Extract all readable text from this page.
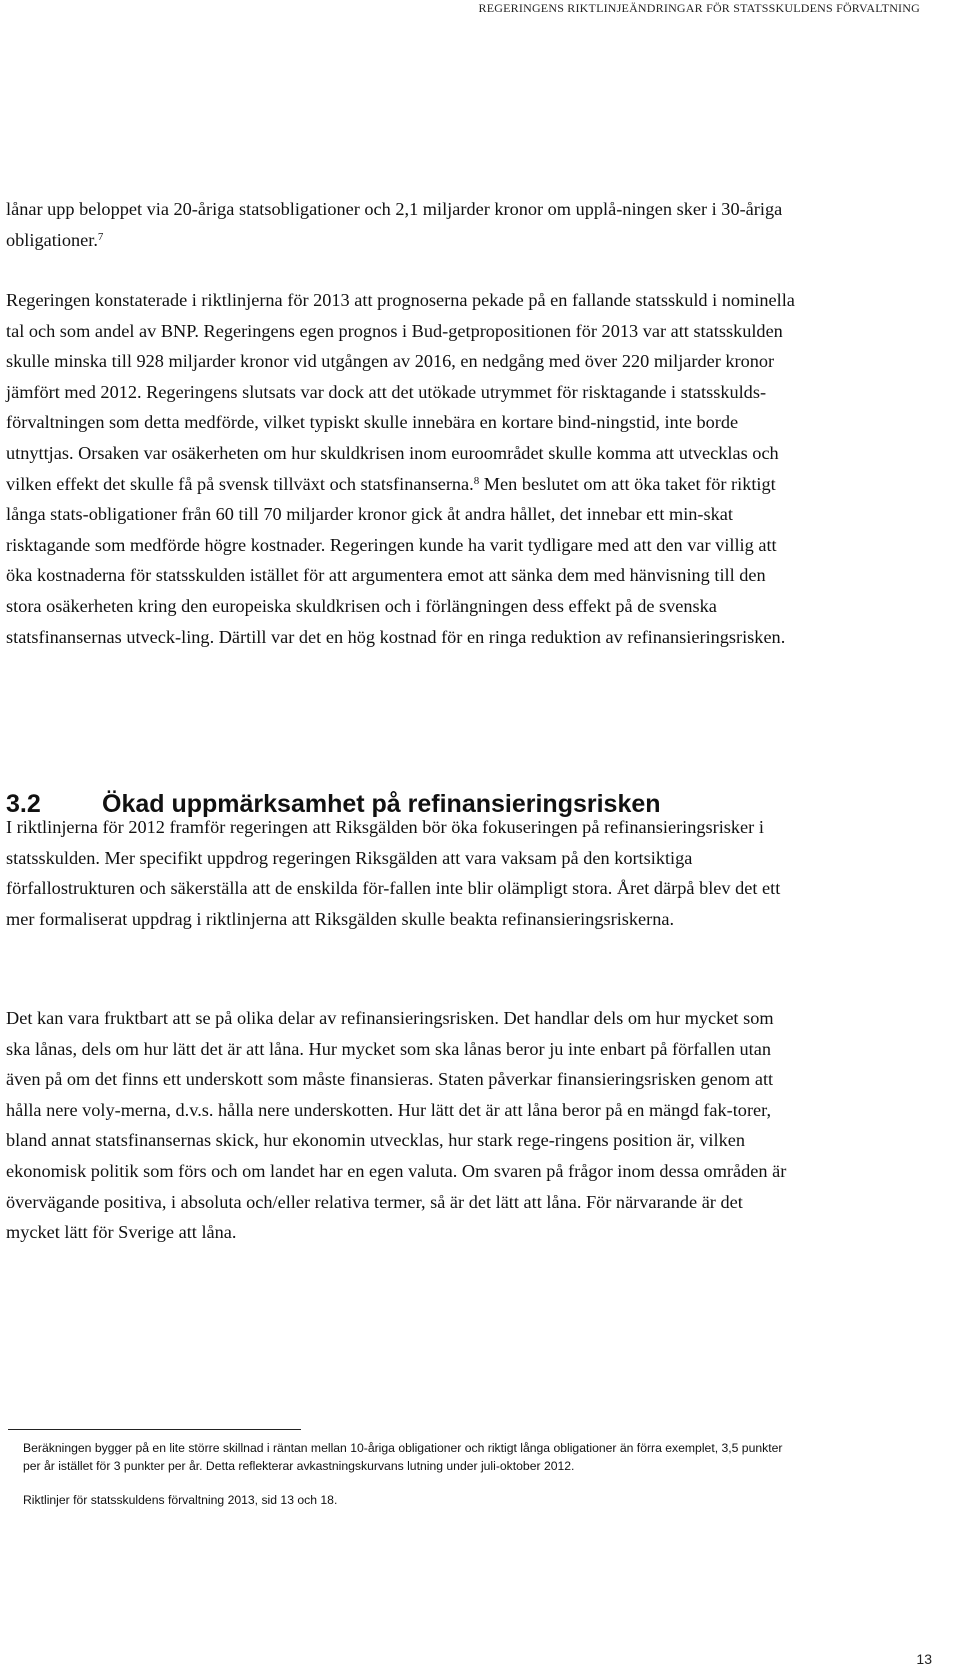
REGERINGENS RIKTLINJEÄNDRINGAR FÖR STATSSKULDENS FÖRVALTNING

lånar upp beloppet via 20-åriga statsobligationer och 2,1 miljarder kronor om upplå-ningen sker i 30-åriga obligationer.$^7$

Regeringen konstaterade i riktlinjerna för 2013 att prognoserna pekade på en fallande statsskuld i nominella tal och som andel av BNP. Regeringens egen prognos i Bud-getpropositionen för 2013 var att statsskulden skulle minska till 928 miljarder kronor vid utgången av 2016, en nedgång med över 220 miljarder kronor jämfört med 2012. Regeringens slutsats var dock att det utökade utrymmet för risktagande i statsskulds-förvaltningen som detta medförde, vilket typiskt skulle innebära en kortare bind-ningstid, inte borde utnyttjas. Orsaken var osäkerheten om hur skuldkrisen inom euroområdet skulle komma att utvecklas och vilken effekt det skulle få på svensk tillväxt och statsfinanserna.$^8$ Men beslutet om att öka taket för riktigt långa stats-obligationer från 60 till 70 miljarder kronor gick åt andra hållet, det innebar ett min-skat risktagande som medförde högre kostnader. Regeringen kunde ha varit tydligare med att den var villig att öka kostnaderna för statsskulden istället för att argumentera emot att sänka dem med hänvisning till den stora osäkerheten kring den europeiska skuldkrisen och i förlängningen dess effekt på de svenska statsfinansernas utveck-ling. Därtill var det en hög kostnad för en ringa reduktion av refinansieringsrisken.

3.2 Ökad uppmärksamhet på refinansieringsrisken

I riktlinjerna för 2012 framför regeringen att Riksgälden bör öka fokuseringen på refinansieringsrisker i statsskulden. Mer specifikt uppdrog regeringen Riksgälden att vara vaksam på den kortsiktiga förfallostrukturen och säkerställa att de enskilda för-fallen inte blir olämpligt stora. Året därpå blev det ett mer formaliserat uppdrag i riktlinjerna att Riksgälden skulle beakta refinansieringsriskerna.

Det kan vara fruktbart att se på olika delar av refinansieringsrisken. Det handlar dels om hur mycket som ska lånas, dels om hur lätt det är att låna. Hur mycket som ska lånas beror ju inte enbart på förfallen utan även på om det finns ett underskott som måste finansieras. Staten påverkar finansieringsrisken genom att hålla nere voly-merna, d.v.s. hålla nere underskotten. Hur lätt det är att låna beror på en mängd fak-torer, bland annat statsfinansernas skick, hur ekonomin utvecklas, hur stark rege-ringens position är, vilken ekonomisk politik som förs och om landet har en egen valuta. Om svaren på frågor inom dessa områden är övervägande positiva, i absoluta och/eller relativa termer, så är det lätt att låna. För närvarande är det mycket lätt för Sverige att låna.

Beräkningen bygger på en lite större skillnad i räntan mellan 10-åriga obligationer och riktigt långa obligationer än förra exemplet, 3,5 punkter per år istället för 3 punkter per år. Detta reflekterar avkastningskurvans lutning under juli-oktober 2012.

Riktlinjer för statsskuldens förvaltning 2013, sid 13 och 18.

13
